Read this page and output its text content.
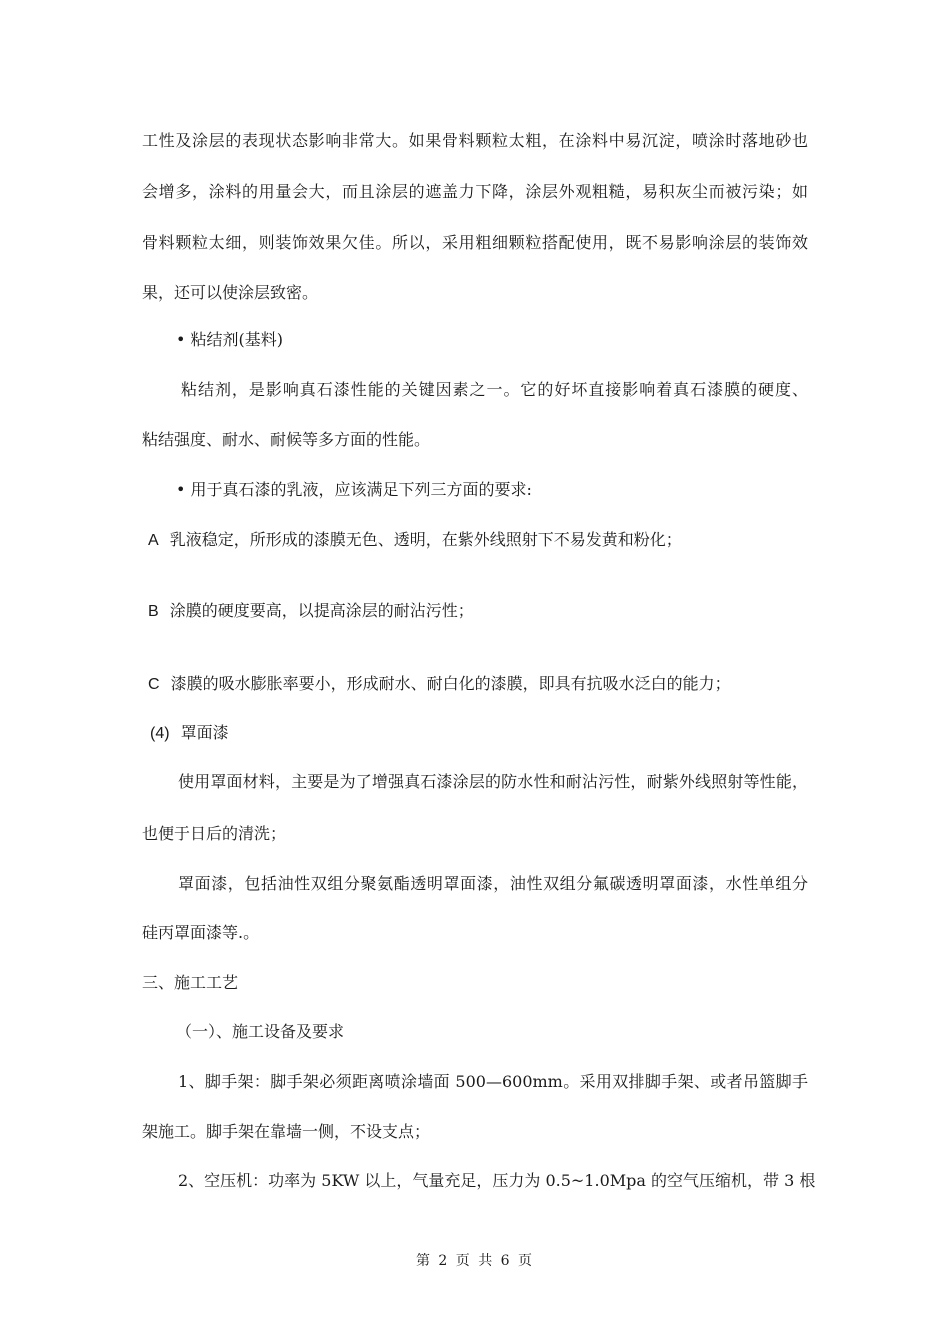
工性及涂层的表现状态影响非常大。如果骨料颗粒太粗，在涂料中易沉淀，喷涂时落地砂也
会增多，涂料的用量会大，而且涂层的遮盖力下降，涂层外观粗糙，易积灰尘而被污染；如
骨料颗粒太细，则装饰效果欠佳。所以，采用粗细颗粒搭配使用，既不易影响涂层的装饰效
果，还可以使涂层致密。
• 粘结剂(基料)
粘结剂，是影响真石漆性能的关键因素之一。它的好坏直接影响着真石漆膜的硬度、
粘结强度、耐水、耐候等多方面的性能。
• 用于真石漆的乳液，应该满足下列三方面的要求:
A 乳液稳定，所形成的漆膜无色、透明，在紫外线照射下不易发黄和粉化；
B 涂膜的硬度要高，以提高涂层的耐沾污性；
C 漆膜的吸水膨胀率要小，形成耐水、耐白化的漆膜，即具有抗吸水泛白的能力；
(4) 罩面漆
使用罩面材料，主要是为了增强真石漆涂层的防水性和耐沾污性，耐紫外线照射等性能，
也便于日后的清洗；
罩面漆，包括油性双组分聚氨酯透明罩面漆，油性双组分氟碳透明罩面漆，水性单组分
硅丙罩面漆等.。
三、施工工艺
（一）、施工设备及要求
1、脚手架：脚手架必须距离喷涂墙面 500—600mm。采用双排脚手架、或者吊篮脚手
架施工。脚手架在靠墙一侧，不设支点；
2、空压机：功率为 5KW 以上，气量充足，压力为 0.5~1.0Mpa 的空气压缩机，带 3 根
第 2 页 共 6 页
